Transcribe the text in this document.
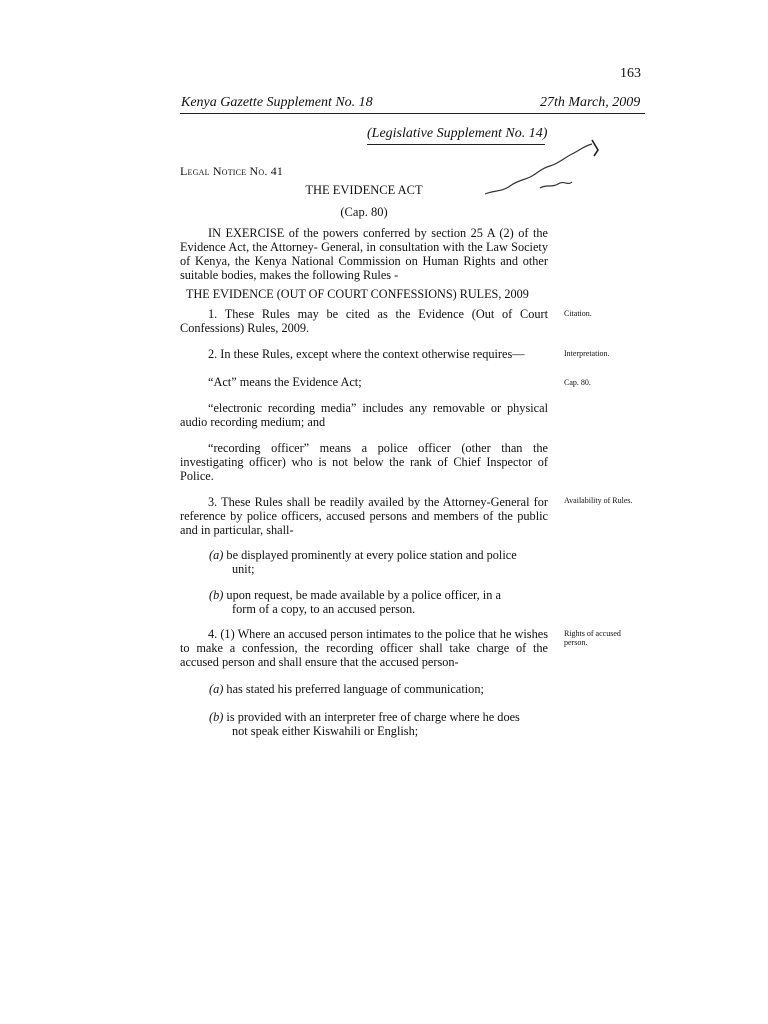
163
Kenya Gazette Supplement No. 18	27th March, 2009
(Legislative Supplement No. 14)
Legal Notice No. 41
THE EVIDENCE ACT
(Cap. 80)
IN EXERCISE of the powers conferred by section 25 A (2) of the Evidence Act, the Attorney- General, in consultation with the Law Society of Kenya, the Kenya National Commission on Human Rights and other suitable bodies, makes the following Rules -
THE EVIDENCE (OUT OF COURT CONFESSIONS) RULES, 2009
1. These Rules may be cited as the Evidence (Out of Court Confessions) Rules, 2009.
Citation.
2. In these Rules, except where the context otherwise requires—	Interpretation.
“Act” means the Evidence Act;	Cap. 80.
“electronic recording media” includes any removable or physical audio recording medium; and
“recording officer” means a police officer (other than the investigating officer) who is not below the rank of Chief Inspector of Police.
3. These Rules shall be readily availed by the Attorney-General for reference by police officers, accused persons and members of the public and in particular, shall-
Availability of Rules.
(a) be displayed prominently at every police station and police
unit;
(b) upon request, be made available by a police officer, in a
form of a copy, to an accused person.
4. (1) Where an accused person intimates to the police that he wishes to make a confession, the recording officer shall take charge of the accused person and shall ensure that the accused person-
Rights of accused person.
(a) has stated his preferred language of communication;
(b) is provided with an interpreter free of charge where he does
not speak either Kiswahili or English;
